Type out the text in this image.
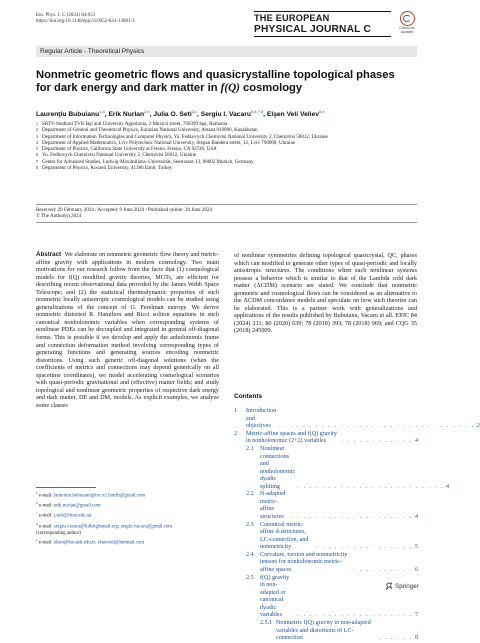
Eur. Phys. J. C (2024) 84:653
https://doi.org/10.1140/epjc/s10052-024-13001-3	THE EUROPEAN
PHYSICAL JOURNAL C	Check for
updates
Regular Article - Theoretical Physics
Nonmetric geometric flows and quasicrystalline topological phases
for dark energy and dark matter in f(Q) cosmology
Laurenţiu Bubuianu$^{1,a}$, Erik Nurlan$^{2,b}$, Julia O. Seti$^{3,c}$, Sergiu I. Vacaru$^{5,6,7,d}$, Elşen Veli Veliev$^{8,e}$
1 SRTV-Studioul TVR Iaşi and University Appolonia, 2 Muzicii street, 700399 Iaşi, Romania
2 Department of General and Theoretical Physics, Eurasian National University, Astana 010000, Kazakhstan
3 Department of Information Technologies and Computer Physics, Yu. Fedkovych Chernivtsi National University 2, Chernivtsi 58012, Ukraine
4 Department of Applied Mathematics, Lviv Polytechnic National University, Stepan Bandera street, 12, Lviv 790000, Ukraine
5 Department of Physics, California State University at Fresno, Fresno, CA 93740, USA
6 Yu. Fedkovych Chernivtsi National University 2, Chernivtsi 58012, Ukraine
7 Center for Advanced Studies, Ludwig-Maximilians–Universität, Seestrasse 13, 80802 Munich, Germany
8 Department of Physics, Kocaeli University, 41380 Izmit, Turkey
Received: 29 February 2024 / Accepted: 9 June 2024 / Published online: 28 June 2024
© The Author(s) 2024
Abstract We elaborate on nonmetric geometric flow theory and metric-affine gravity with applications in modern cosmology. Two main motivations for our research follow from the facts that (1) cosmological models for f(Q) modified gravity theories, MGTs, are efficient for describing recent observational data provided by the James Webb Space Telescope; and (2) the statistical thermodynamic properties of such nonmetric locally anisotropic cosmological models can be studied using generalizations of the concept of G. Perelman entropy. We derive nonmetric distorted R. Hamilton and Ricci soliton equations in such canonical nonholonomic variables when corresponding systems of nonlinear PDEs can be decoupled and integrated in general off-diagonal forms. This is possible if we develop and apply the anholonomic frame and connection deformation method involving corresponding types of generating functions and generating sources encoding nonmetric distortions. Using such generic off-diagonal solutions (when the coefficients of metrics and connections may depend generically on all spacetime coordinates), we model accelerating cosmological scenarios with quasi-periodic gravitational and (effective) matter fields; and study topological and nonlinear geometric properties of respective dark energy and dark matter, DE and DM, models. As explicit examples, we analyze some classes
of nonlinear symmetries defining topological quasicrystal, QC, phases which can modified to generate other types of quasi-periodic and locally anisotropic structures. The conditions when such nonlinear systems possess a behavior which is similar to that of the Lambda cold dark matter (ΛCDM) scenario are stated. We conclude that nonmetric geometric and cosmological flows can be considered as an alternative to the ΛCDM concordance models and speculate on how such theories can be elaborated. This is a partner work with generalizations and applications of the results published by Bubuianu, Vacaru et all. EPJC 84 (2024) 211; 80 (2020) 639; 78 (2018) 393; 78 (2018) 969; and CQG 35 (2018) 245009.
Contents
1	Introduction and objectives	. . . . . . . . . . . . . . . . . . . . . . . . . . . . . . . . 2
2	Metric-affine spaces and f(Q) gravity in nonholonomic (2+2) variables	. . . . . . . . . . . . 4
2.1	Nonlinear connections and nonholonomic dyadic splitting	. . . . . . . . . . . . . . . . . . . . . . . . 4
2.2	N-adapted metric-affine structures	. . . . . . . . . . . . . . . . . . . . 4
2.3	Canonical metric-affine d-structures, LC-connection, and nonmetricity	. . . . . . . . . . . . . . . . 5
2.4	Curvature, torsion and nonmetricity tensors for nonholonomic metric-affine spaces	. . . . . . . . . . 6
2.5	f(Q) gravity in non-adapted or canonical dyadic variables	. . . . . . . . . . . . . . . . . . . 7
2.5.1 Nonmetric f(Q) gravity in non-adapted variables and distortions of LC-connection	. . . . . . 8
$^a$ e-mail: laurentiu.bubuianu@tvr.ro; laurfb@gmail.com
$^b$ e-mail: erik.nurlan@gmail.com
$^c$ e-mail: j.seti@chnu.edu.ua
$^d$ e-mail: sergiu.vacaru@fulbrightmail.org; sergiu.vacaru@gmail.com
(corresponding author)
$^e$ e-mail: elsen@kocaeli.edu.tr; elsenveli@hotmail.com
Springer
